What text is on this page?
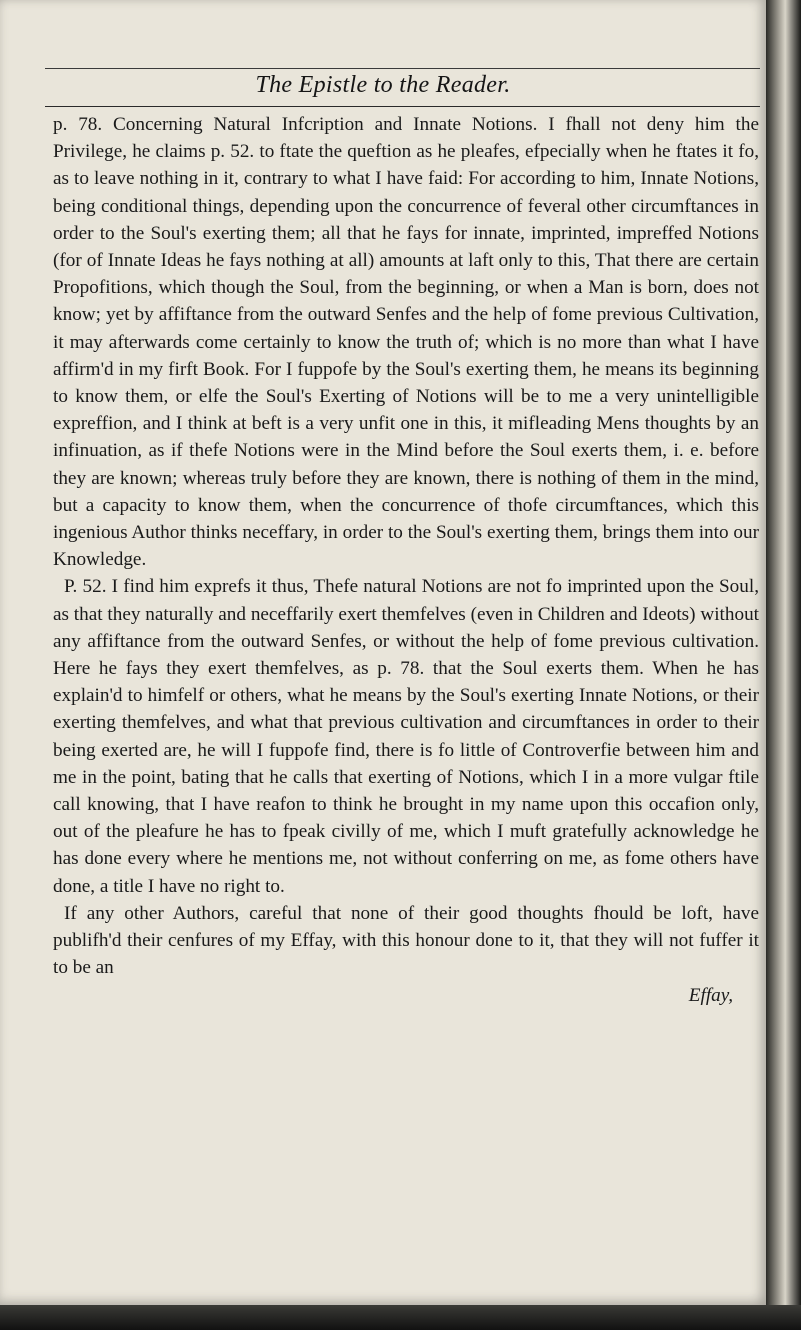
The Epistle to the Reader.

p. 78. Concerning Natural Infcription and Innate Notions. I fhall not deny him the Privilege, he claims p. 52. to ftate the queftion as he pleafes, efpecially when he ftates it fo, as to leave nothing in it, contrary to what I have faid: For according to him, Innate Notions, being conditional things, depending upon the concurrence of feveral other circumftances in order to the Soul's exerting them; all that he fays for innate, imprinted, impreffed Notions (for of Innate Ideas he fays nothing at all) amounts at laft only to this, That there are certain Propofitions, which though the Soul, from the beginning, or when a Man is born, does not know; yet by affiftance from the outward Senfes and the help of fome previous Cultivation, it may afterwards come certainly to know the truth of; which is no more than what I have affirm'd in my firft Book. For I fuppofe by the Soul's exerting them, he means its beginning to know them, or elfe the Soul's Exerting of Notions will be to me a very unintelligible expreffion, and I think at beft is a very unfit one in this, it mifleading Mens thoughts by an infinuation, as if thefe Notions were in the Mind before the Soul exerts them, i. e. before they are known; whereas truly before they are known, there is nothing of them in the mind, but a capacity to know them, when the concurrence of thofe circumftances, which this ingenious Author thinks neceffary, in order to the Soul's exerting them, brings them into our Knowledge.

P. 52. I find him exprefs it thus, Thefe natural Notions are not fo imprinted upon the Soul, as that they naturally and neceffarily exert themfelves (even in Children and Ideots) without any affiftance from the outward Senfes, or without the help of fome previous cultivation. Here he fays they exert themfelves, as p. 78. that the Soul exerts them. When he has explain'd to himfelf or others, what he means by the Soul's exerting Innate Notions, or their exerting themfelves, and what that previous cultivation and circumftances in order to their being exerted are, he will I fuppofe find, there is fo little of Controverfie between him and me in the point, bating that he calls that exerting of Notions, which I in a more vulgar ftile call knowing, that I have reafon to think he brought in my name upon this occafion only, out of the pleafure he has to fpeak civilly of me, which I muft gratefully acknowledge he has done every where he mentions me, not without conferring on me, as fome others have done, a title I have no right to.

If any other Authors, careful that none of their good thoughts fhould be loft, have publifh'd their cenfures of my Effay, with this honour done to it, that they will not fuffer it to be an

Effay,
